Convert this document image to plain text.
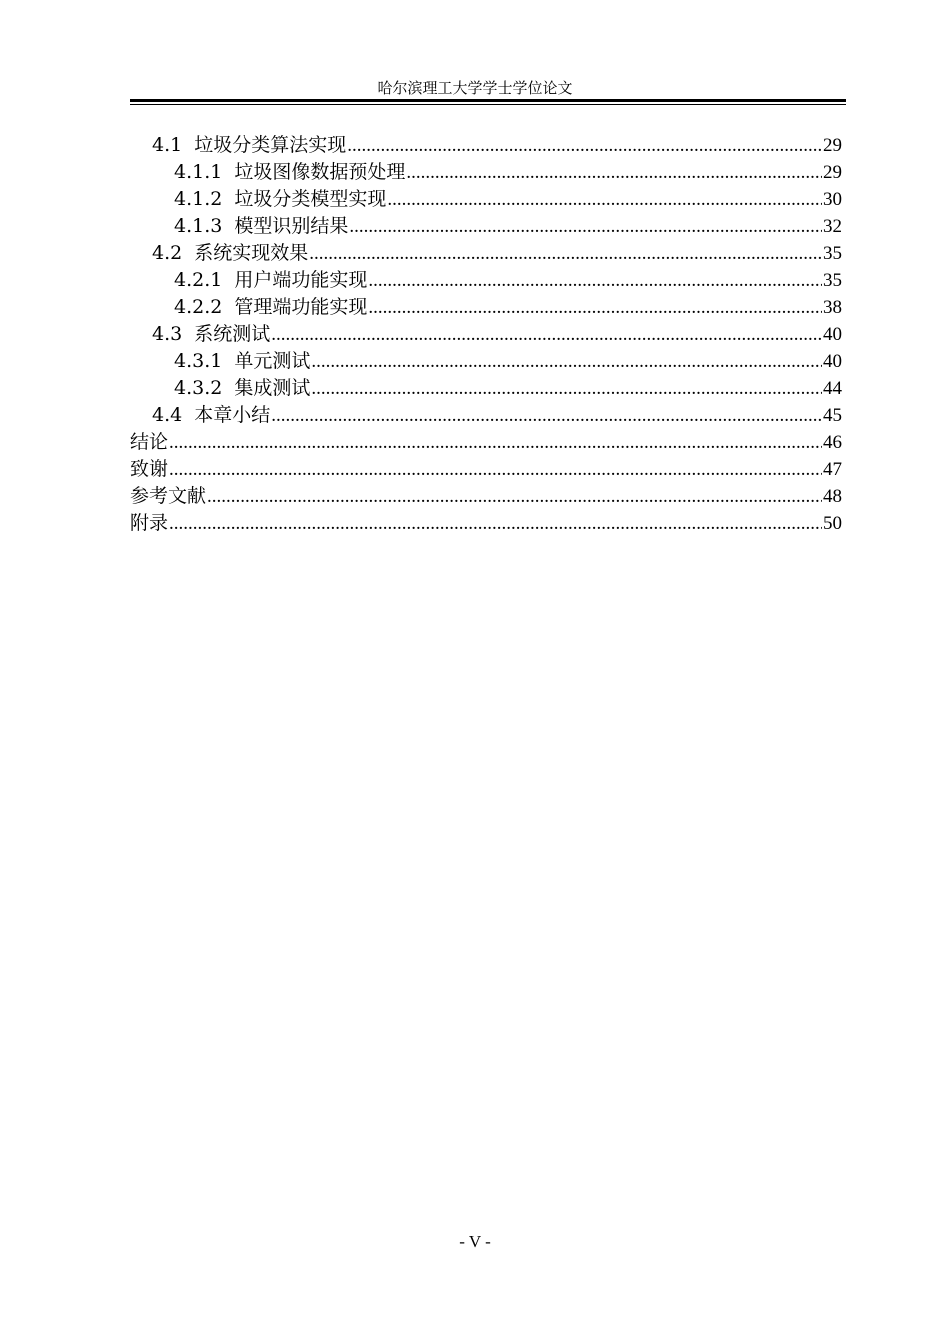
哈尔滨理工大学学士学位论文
4.1 垃圾分类算法实现 .....	29
4.1.1 垃圾图像数据预处理 .....	29
4.1.2 垃圾分类模型实现 .....	30
4.1.3 模型识别结果 .....	32
4.2 系统实现效果 .....	35
4.2.1 用户端功能实现 .....	35
4.2.2 管理端功能实现 .....	38
4.3 系统测试 .....	40
4.3.1 单元测试 .....	40
4.3.2 集成测试 .....	44
4.4 本章小结 .....	45
结论 .....	46
致谢 .....	47
参考文献 .....	48
附录 .....	50
- V -
